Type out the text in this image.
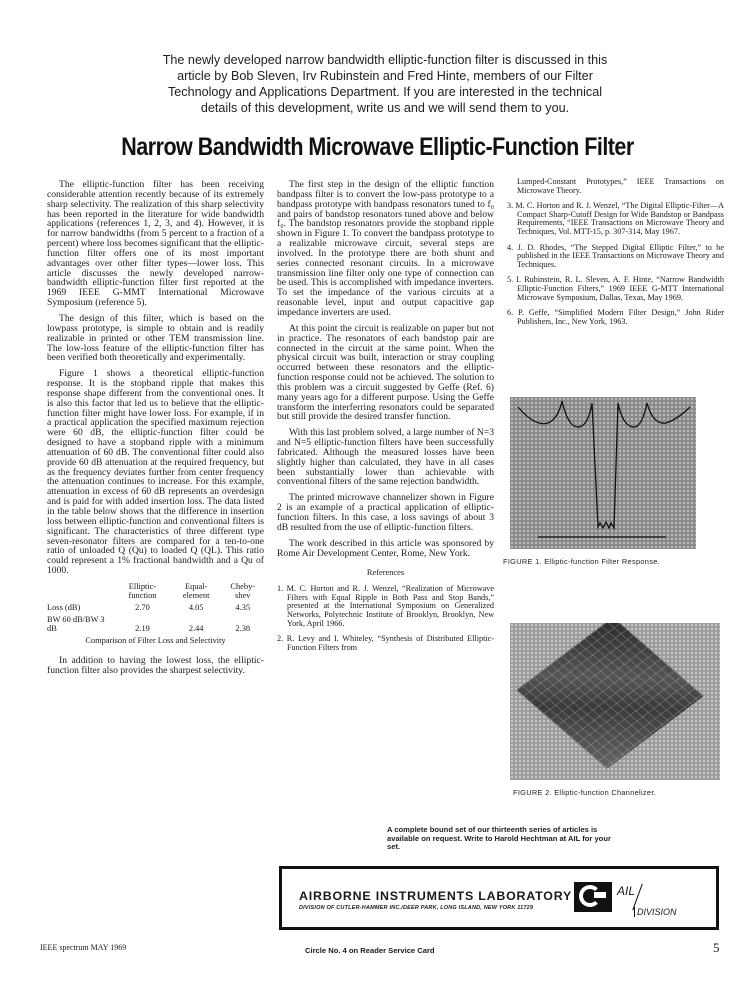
The newly developed narrow bandwidth elliptic-function filter is discussed in this article by Bob Sleven, Irv Rubinstein and Fred Hinte, members of our Filter Technology and Applications Department. If you are interested in the technical details of this development, write us and we will send them to you.
Narrow Bandwidth Microwave Elliptic-Function Filter

The elliptic-function filter has been receiving considerable attention recently because of its extremely sharp selectivity. The realization of this sharp selectivity has been reported in the literature for wide bandwidth applications (references 1, 2, 3, and 4). However, it is for narrow bandwidths (from 5 percent to a fraction of a percent) where loss becomes significant that the elliptic-function filter offers one of its most important advantages over other filter types—lower loss. This article discusses the newly developed narrow-bandwidth elliptic-function filter first reported at the 1969 IEEE G-MMT International Microwave Symposium (reference 5).

The design of this filter, which is based on the lowpass prototype, is simple to obtain and is readily realizable in printed or other TEM transmission line. The low-loss feature of the elliptic-function filter has been verified both theoretically and experimentally.

Figure 1 shows a theoretical elliptic-function response. It is the stopband ripple that makes this response shape different from the conventional ones. It is also this factor that led us to believe that the elliptic-function filter might have lower loss. For example, if in a practical application the specified maximum rejection were 60 dB, the elliptic-function filter could be designed to have a stopband ripple with a minimum attenuation of 60 dB. The conventional filter could also provide 60 dB attenuation at the required frequency, but as the frequency deviates further from center frequency the attenuation continues to increase. For this example, attenuation in excess of 60 dB represents an overdesign and is paid for with added insertion loss. The data listed in the table below shows that the difference in insertion loss between elliptic-function and conventional filters is significant. The characteristics of three different type seven-resonator filters are compared for a ten-to-one ratio of unloaded Q (Qu) to loaded Q (QL). This ratio could represent a 1% fractional bandwidth and a Qu of 1000.

	Elliptic-function	Equal-element	Cheby-shev
Loss (dB)	2.70	4.05	4.35
BW 60 dB/BW 3 dB	2.19	2.44	2.38
Comparison of Filter Loss and Selectivity

In addition to having the lowest loss, the elliptic-function filter also provides the sharpest selectivity.

The first step in the design of the elliptic function bandpass filter is to convert the low-pass prototype to a bandpass prototype with bandpass resonators tuned to f₀ and pairs of bandstop resonators tuned above and below f₀. The bandstop resonators provide the stopband ripple shown in Figure 1. To convert the bandpass prototype to a realizable microwave circuit, several steps are involved. In the prototype there are both shunt and series connected resonant circuits. In a microwave transmission line filter only one type of connection can be used. This is accomplished with impedance inverters. To set the impedance of the various circuits at a reasonable level, input and output capacitive gap impedance inverters are used.

At this point the circuit is realizable on paper but not in practice. The resonators of each bandstop pair are connected in the circuit at the same point. When the physical circuit was built, interaction or stray coupling occurred between these resonators and the elliptic-function response could not be achieved. The solution to this problem was a circuit suggested by Geffe (Ref. 6) many years ago for a different purpose. Using the Geffe transform the interferring resonators could be separated but still provide the desired transfer function.

With this last problem solved, a large number of N=3 and N=5 elliptic-function filters have been successfully fabricated. Although the measured losses have been slightly higher than calculated, they have in all cases been substantially lower than achievable with conventional filters of the same rejection bandwidth.

The printed microwave channelizer shown in Figure 2 is an example of a practical application of elliptic-function filters. In this case, a loss savings of about 3 dB resulted from the use of elliptic-function filters.

The work described in this article was sponsored by Rome Air Development Center, Rome, New York.

References
1. M. C. Horton and R. J. Wenzel, “Realization of Microwave Filters with Equal Ripple in Both Pass and Stop Bands,” presented at the International Symposium on Generalized Networks, Polytechnic Institute of Brooklyn, Brooklyn, New York, April 1966.
2. R. Levy and I. Whiteley, “Synthesis of Distributed Elliptic-Function Filters from
Lumped-Constant Prototypes,” IEEE Transactions on Microwave Theory.
3. M. C. Horton and R. J. Wenzel, “The Digital Elliptic-Filter—A Compact Sharp-Cutoff Design for Wide Bandstop or Bandpass Requirements, “IEEE Transactions on Microwave Theory and Techniques, Vol. MTT-15, p. 307-314, May 1967.
4. J. D. Rhodes, “The Stepped Digital Elliptic Filter,” to be published in the IEEE Transactions on Microwave Theory and Techniques.
5. I. Rubinstein, R. L. Sleven, A. F. Hinte, “Narrow Bandwidth Elliptic-Function Filters,” 1969 IEEE G-MTT International Microwave Symposium, Dallas, Texas, May 1969.
6. P. Geffe, “Simplified Modern Filter Design,” John Rider Publishers, Inc., New York, 1963.
FIGURE 1. Elliptic-function Filter Response.
FIGURE 2. Elliptic-function Channelizer.
A complete bound set of our thirteenth series of articles is available on request. Write to Harold Hechtman at AIL for your set.
AIRBORNE INSTRUMENTS LABORATORY
DIVISION OF CUTLER-HAMMER INC./DEER PARK, LONG ISLAND, NEW YORK 11729
AIL
DIVISION
IEEE spectrum MAY 1969	Circle No. 4 on Reader Service Card	5
